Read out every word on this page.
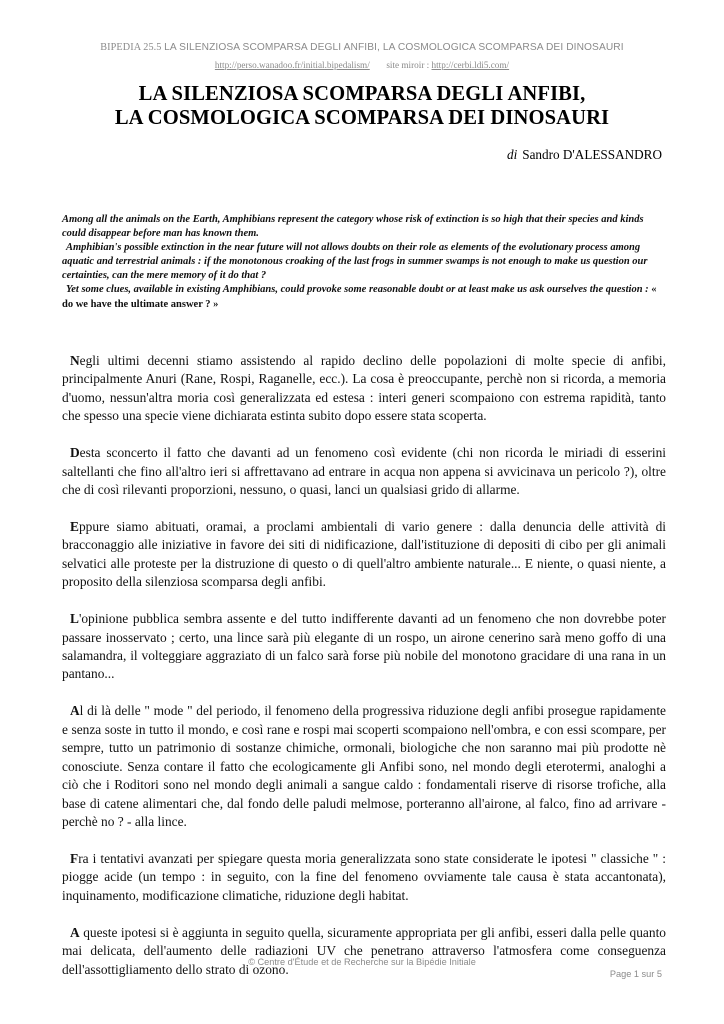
BIPEDIA 25.5 LA SILENZIOSA SCOMPARSA DEGLI ANFIBI, LA COSMOLOGICA SCOMPARSA DEI DINOSAURI
http://perso.wanadoo.fr/initial.bipedalism/ site miroir : http://cerbi.ldi5.com/
LA SILENZIOSA SCOMPARSA DEGLI ANFIBI,
LA COSMOLOGICA SCOMPARSA DEI DINOSAURI
di Sandro D'ALESSANDRO

Among all the animals on the Earth, Amphibians represent the category whose risk of extinction is so high that their species and kinds could disappear before man has known them.

Amphibian's possible extinction in the near future will not allows doubts on their role as elements of the evolutionary process among aquatic and terrestrial animals : if the monotonous croaking of the last frogs in summer swamps is not enough to make us question our certainties, can the mere memory of it do that ?

Yet some clues, available in existing Amphibians, could provoke some reasonable doubt or at least make us ask ourselves the question : « do we have the ultimate answer ? »

Negli ultimi decenni stiamo assistendo al rapido declino delle popolazioni di molte specie di anfibi, principalmente Anuri (Rane, Rospi, Raganelle, ecc.). La cosa è preoccupante, perchè non si ricorda, a memoria d'uomo, nessun'altra moria così generalizzata ed estesa : interi generi scompaiono con estrema rapidità, tanto che spesso una specie viene dichiarata estinta subito dopo essere stata scoperta.

Desta sconcerto il fatto che davanti ad un fenomeno così evidente (chi non ricorda le miriadi di esserini saltellanti che fino all'altro ieri si affrettavano ad entrare in acqua non appena si avvicinava un pericolo ?), oltre che di così rilevanti proporzioni, nessuno, o quasi, lanci un qualsiasi grido di allarme.

Eppure siamo abituati, oramai, a proclami ambientali di vario genere : dalla denuncia delle attività di bracconaggio alle iniziative in favore dei siti di nidificazione, dall'istituzione di depositi di cibo per gli animali selvatici alle proteste per la distruzione di questo o di quell'altro ambiente naturale... E niente, o quasi niente, a proposito della silenziosa scomparsa degli anfibi.

L'opinione pubblica sembra assente e del tutto indifferente davanti ad un fenomeno che non dovrebbe poter passare inosservato ; certo, una lince sarà più elegante di un rospo, un airone cenerino sarà meno goffo di una salamandra, il volteggiare aggraziato di un falco sarà forse più nobile del monotono gracidare di una rana in un pantano...

Al di là delle " mode " del periodo, il fenomeno della progressiva riduzione degli anfibi prosegue rapidamente e senza soste in tutto il mondo, e così rane e rospi mai scoperti scompaiono nell'ombra, e con essi scompare, per sempre, tutto un patrimonio di sostanze chimiche, ormonali, biologiche che non saranno mai più prodotte nè conosciute. Senza contare il fatto che ecologicamente gli Anfibi sono, nel mondo degli eterotermi, analoghi a ciò che i Roditori sono nel mondo degli animali a sangue caldo : fondamentali riserve di risorse trofiche, alla base di catene alimentari che, dal fondo delle paludi melmose, porteranno all'airone, al falco, fino ad arrivare - perchè no ? - alla lince.

Fra i tentativi avanzati per spiegare questa moria generalizzata sono state considerate le ipotesi " classiche " : piogge acide (un tempo : in seguito, con la fine del fenomeno ovviamente tale causa è stata accantonata), inquinamento, modificazione climatiche, riduzione degli habitat.

A queste ipotesi si è aggiunta in seguito quella, sicuramente appropriata per gli anfibi, esseri dalla pelle quanto mai delicata, dell'aumento delle radiazioni UV che penetrano attraverso l'atmosfera come conseguenza dell'assottigliamento dello strato di ozono.

© Centre d'Étude et de Recherche sur la Bipédie Initiale
Page 1 sur 5
